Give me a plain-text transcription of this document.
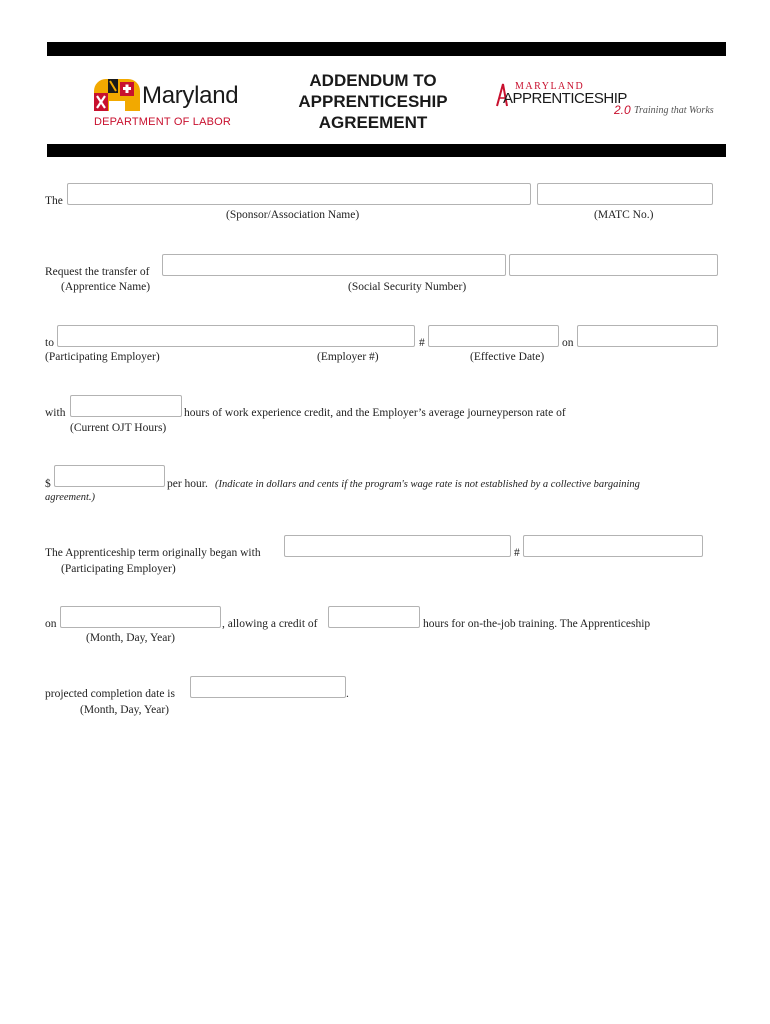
Maryland
DEPARTMENT OF LABOR
ADDENDUM TO
APPRENTICESHIP
AGREEMENT
MARYLAND
APPRENTICESHIP
2.0 Training that Works
The
(Sponsor/Association Name)	(MATC No.)
Request the transfer of
(Apprentice Name)	(Social Security Number)
to	#	on
(Participating Employer)	(Employer #)	(Effective Date)
with	hours of work experience credit, and the Employer’s average journeyperson rate of
(Current OJT Hours)
$	per hour. (Indicate in dollars and cents if the program's wage rate is not established by a collective bargaining
agreement.)
The Apprenticeship term originally began with	#
(Participating Employer)
on	, allowing a credit of	hours for on-the-job training. The Apprenticeship
(Month, Day, Year)
projected completion date is	.
(Month, Day, Year)
